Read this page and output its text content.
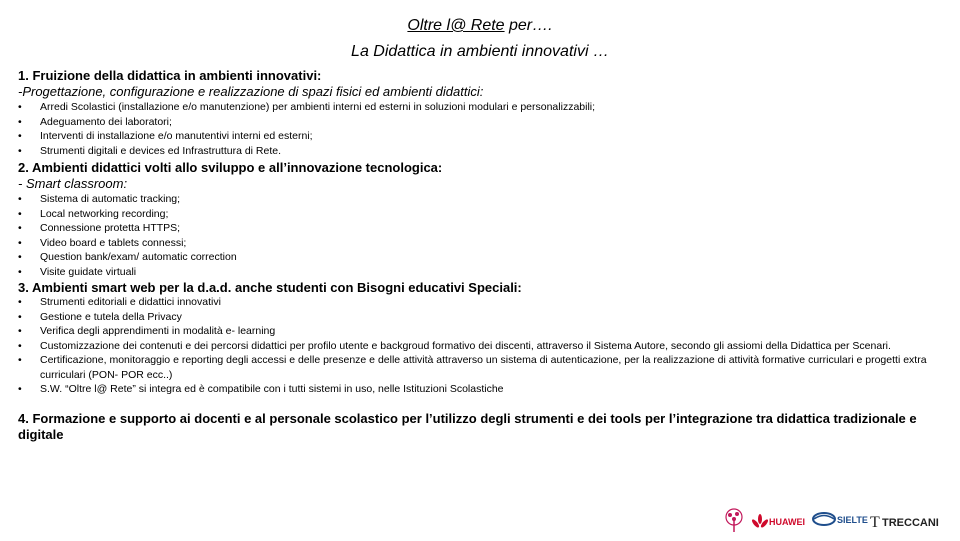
Oltre l@ Rete per….
La Didattica in ambienti innovativi …
1. Fruizione della didattica in ambienti innovativi:
-Progettazione, configurazione e realizzazione di spazi fisici ed ambienti didattici:
• Arredi Scolastici (installazione e/o manutenzione) per ambienti interni ed esterni in soluzioni modulari e personalizzabili;
• Adeguamento dei laboratori;
• Interventi di installazione e/o manutentivi interni ed esterni;
• Strumenti digitali e devices ed Infrastruttura di Rete.
2. Ambienti didattici volti allo sviluppo e all’innovazione tecnologica:
- Smart classroom:
• Sistema di automatic tracking;
• Local networking recording;
• Connessione protetta HTTPS;
• Video board e tablets connessi;
• Question bank/exam/ automatic correction
• Visite guidate virtuali
3. Ambienti smart web per la d.a.d. anche studenti con Bisogni educativi Speciali:
• Strumenti editoriali e didattici innovativi
• Gestione e tutela della Privacy
• Verifica degli apprendimenti in modalità e- learning
• Customizzazione dei contenuti e dei percorsi didattici per profilo utente e backgroud formativo dei discenti, attraverso il Sistema Autore, secondo gli assiomi della Didattica per Scenari.
• Certificazione, monitoraggio e reporting degli accessi e delle presenze e delle attività attraverso un sistema di autenticazione, per la realizzazione di attività formative curriculari e progetti extra curriculari (PON- POR ecc..)
• S.W. “Oltre l@ Rete” si integra ed è compatibile con i tutti sistemi in uso, nelle Istituzioni Scolastiche
4. Formazione e supporto ai docenti e al personale scolastico per l’utilizzo degli strumenti e dei tools per l’integrazione tra didattica tradizionale e digitale
HUAWEI	SIELTE T TRECCANI
